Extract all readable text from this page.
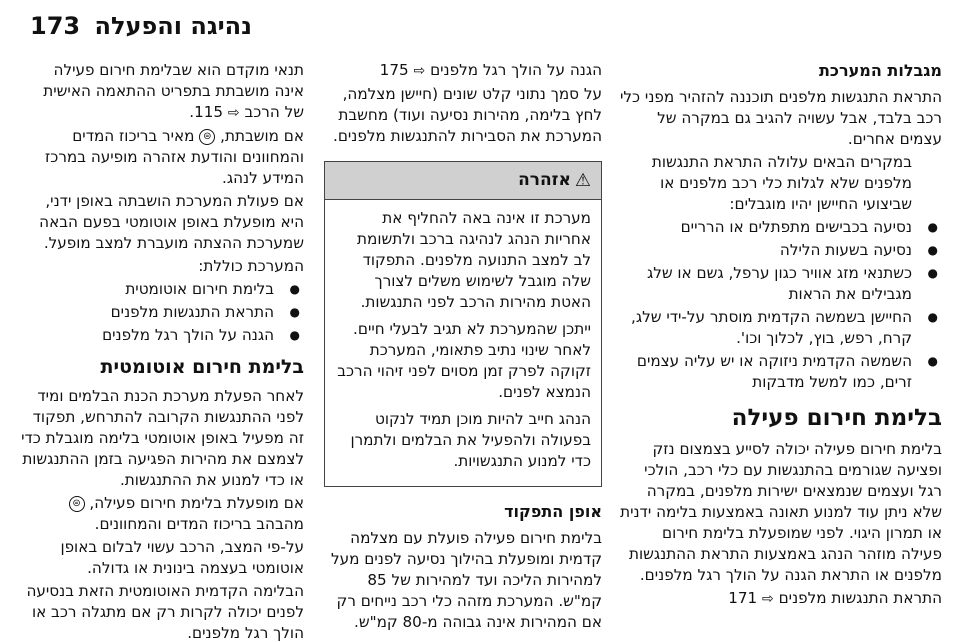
173 נהיגה והפעלה

מגבלות המערכת

התראת התנגשות מלפנים תוכננה להזהיר מפני כלי רכב בלבד, אבל עשויה להגיב גם במקרה של עצמים אחרים.

במקרים הבאים עלולה התראת התנגשות מלפנים שלא לגלות כלי רכב מלפנים או שביצועי החיישן יהיו מוגבלים:

● נסיעה בכבישים מתפתלים או הרריים
● נסיעה בשעות הלילה
● כשתנאי מזג אוויר כגון ערפל, גשם או שלג מגבילים את הראות
● החיישן בשמשה הקדמית מוסתר על-ידי שלג, קרח, רפש, בוץ, לכלוך וכו'.
● השמשה הקדמית ניזוקה או יש עליה עצמים זרים, כמו למשל מדבקות

בלימת חירום פעילה

בלימת חירום פעילה יכולה לסייע בצמצום נזק ופציעה שגורמים בהתנגשות עם כלי רכב, הולכי רגל ועצמים שנמצאים ישירות מלפנים, במקרה שלא ניתן עוד למנוע תאונה באמצעות בלימה ידנית או תמרון היגוי. לפני שמופעלת בלימת חירום פעילה מוזהר הנהג באמצעות התראת ההתנגשות מלפנים או התראת הגנה על הולך רגל מלפנים.

התראת התנגשות מלפנים ⇨ 171

הגנה על הולך רגל מלפנים ⇨ 175

על סמך נתוני קלט שונים (חיישן מצלמה, לחץ בלימה, מהירות נסיעה ועוד) מחשבת המערכת את הסבירות להתנגשות מלפנים.

אזהרה ⚠

מערכת זו אינה באה להחליף את אחריות הנהג לנהיגה ברכב ולתשומת לב למצב התנועה מלפנים. התפקוד שלה מוגבל לשימוש משלים לצורך האטת מהירות הרכב לפני התנגשות.

ייתכן שהמערכת לא תגיב לבעלי חיים. לאחר שינוי נתיב פתאומי, המערכת זקוקה לפרק זמן מסוים לפני זיהוי הרכב הנמצא לפנים.

הנהג חייב להיות מוכן תמיד לנקוט בפעולה ולהפעיל את הבלמים ולתמרן כדי למנוע התנגשויות.

אופן התפקוד

בלימת חירום פעילה פועלת עם מצלמה קדמית ומופעלת בהילוך נסיעה לפנים מעל למהירות הליכה ועד למהירות של 85 קמ"ש. המערכת מזהה כלי רכב נייחים רק אם המהירות אינה גבוהה מ-80 קמ"ש.

תנאי מוקדם הוא שבלימת חירום פעילה אינה מושבתת בתפריט ההתאמה האישית של הרכב ⇨ 115.

אם מושבתת, ⊜ מאיר בריכוז המדים והמחוונים והודעת אזהרה מופיעה במרכז המידע לנהג.

אם פעולת המערכת הושבתה באופן ידני, היא מופעלת באופן אוטומטי בפעם הבאה שמערכת ההצתה מועברת למצב מופעל.

המערכת כוללת:

● בלימת חירום אוטומטית
● התראת התנגשות מלפנים
● הגנה על הולך רגל מלפנים

בלימת חירום אוטומטית

לאחר הפעלת מערכת הכנת הבלמים ומיד לפני ההתנגשות הקרובה להתרחש, תפקוד זה מפעיל באופן אוטומטי בלימה מוגבלת כדי לצמצם את מהירות הפגיעה בזמן ההתנגשות או כדי למנוע את ההתנגשות.

אם מופעלת בלימת חירום פעילה, ⊜ מהבהב בריכוז המדים והמחוונים.

על-פי המצב, הרכב עשוי לבלום באופן אוטומטי בעצמה בינונית או גדולה.

הבלימה הקדמית האוטומטית הזאת בנסיעה לפנים יכולה לקרות רק אם מתגלה רכב או הולך רגל מלפנים.
